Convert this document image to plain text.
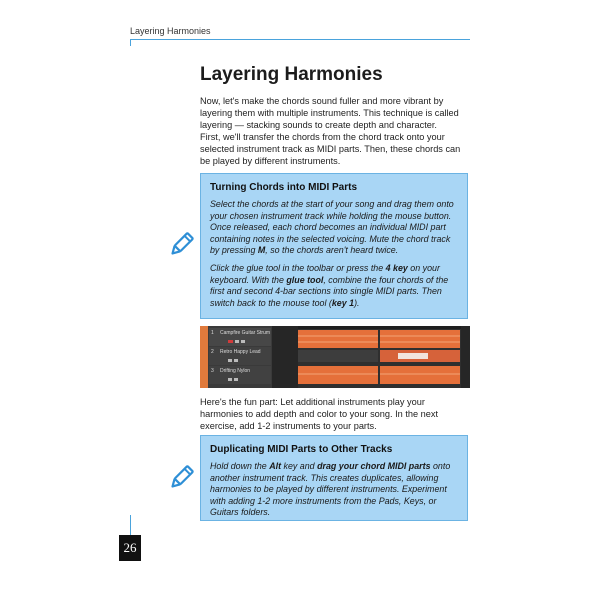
Layering Harmonies
Layering Harmonies

Now, let's make the chords sound fuller and more vibrant by layering them with multiple instruments. This technique is called layering — stacking sounds to create depth and character.

First, we'll transfer the chords from the chord track onto your selected instrument track as MIDI parts. Then, these chords can be played by different instruments.

Turning Chords into MIDI Parts

Select the chords at the start of your song and drag them onto your chosen instrument track while holding the mouse button. Once released, each chord becomes an individual MIDI part containing notes in the selected voicing. Mute the chord track by pressing M, so the chords aren't heard twice.

Click the glue tool in the toolbar or press the 4 key on your keyboard. With the glue tool, combine the four chords of the first and second 4-bar sections into single MIDI parts. Then switch back to the mouse tool (key 1).

1 Campfire Guitar Strum
2 Retro Happy Lead
3 Drifting Nylon

Here's the fun part: Let additional instruments play your harmonies to add depth and color to your song. In the next exercise, add 1-2 instruments to your parts.

Duplicating MIDI Parts to Other Tracks

Hold down the Alt key and drag your chord MIDI parts onto another instrument track. This creates duplicates, allowing harmonies to be played by different instruments. Experiment with adding 1-2 more instruments from the Pads, Keys, or Guitars folders.

26
